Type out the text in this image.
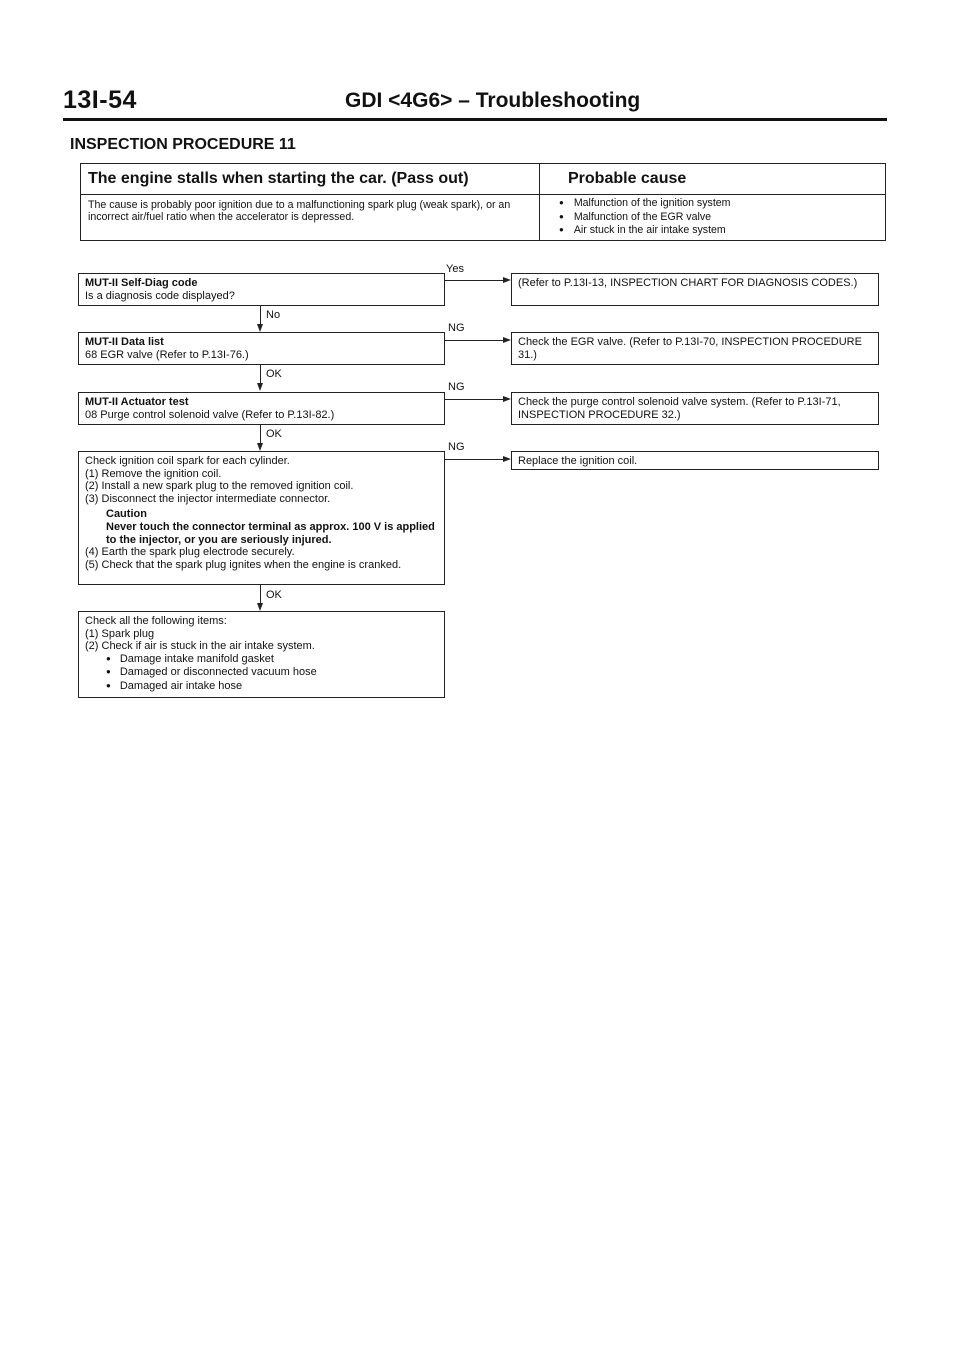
13I-54	GDI <4G6> – Troubleshooting
INSPECTION PROCEDURE 11
The engine stalls when starting the car. (Pass out)	Probable cause
The cause is probably poor ignition due to a malfunctioning spark plug (weak spark), or an incorrect air/fuel ratio when the accelerator is depressed.
● Malfunction of the ignition system
● Malfunction of the EGR valve
● Air stuck in the air intake system
MUT-II Self-Diag code
Is a diagnosis code displayed?
Yes
(Refer to P.13I-13, INSPECTION CHART FOR DIAGNOSIS CODES.)
No
MUT-II Data list
68 EGR valve (Refer to P.13I-76.)
NG
Check the EGR valve. (Refer to P.13I-70, INSPECTION PROCEDURE 31.)
OK
MUT-II Actuator test
08 Purge control solenoid valve (Refer to P.13I-82.)
NG
Check the purge control solenoid valve system. (Refer to P.13I-71, INSPECTION PROCEDURE 32.)
OK
Check ignition coil spark for each cylinder.
(1) Remove the ignition coil.
(2) Install a new spark plug to the removed ignition coil.
(3) Disconnect the injector intermediate connector.

Caution
Never touch the connector terminal as approx. 100 V is applied to the injector, or you are seriously injured.
(4) Earth the spark plug electrode securely.
(5) Check that the spark plug ignites when the engine is cranked.
NG
Replace the ignition coil.
OK
Check all the following items:
(1) Spark plug
(2) Check if air is stuck in the air intake system.
● Damage intake manifold gasket
● Damaged or disconnected vacuum hose
● Damaged air intake hose
